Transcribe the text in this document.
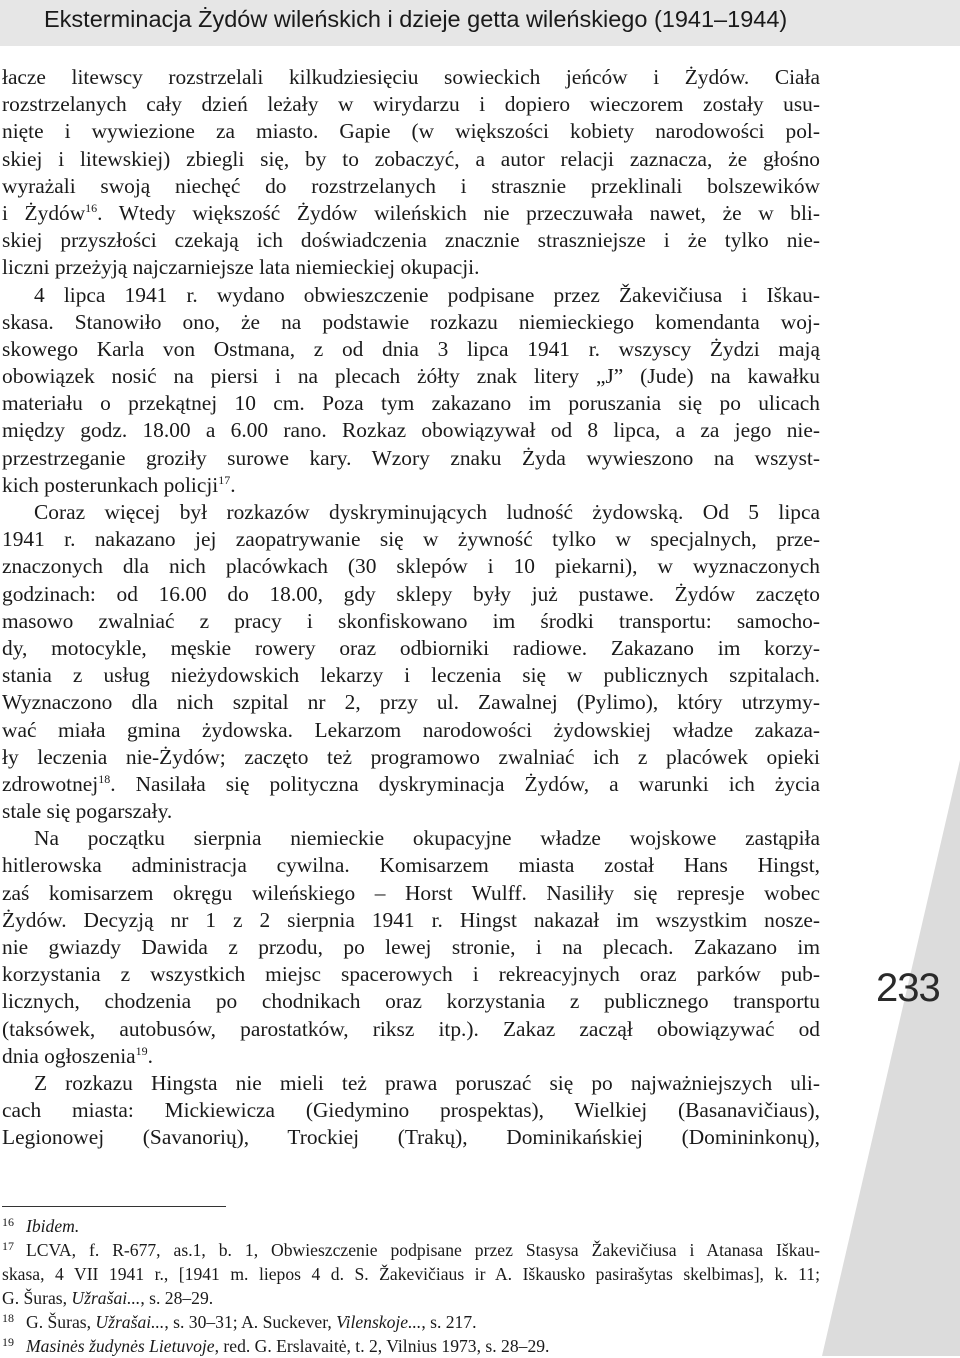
Eksterminacja Żydów wileńskich i dzieje getta wileńskiego (1941–1944)
łacze litewscy rozstrzelali kilkudziesięciu sowieckich jeńców i Żydów. Ciała
rozstrzelanych cały dzień leżały w wirydarzu i dopiero wieczorem zostały usu-
nięte i wywiezione za miasto. Gapie (w większości kobiety narodowości pol-
skiej i litewskiej) zbiegli się, by to zobaczyć, a autor relacji zaznacza, że głośno
wyrażali swoją niechęć do rozstrzelanych i strasznie przeklinali bolszewików
i Żydów$^{16}$. Wtedy większość Żydów wileńskich nie przeczuwała nawet, że w bli-
skiej przyszłości czekają ich doświadczenia znacznie straszniejsze i że tylko nie-
liczni przeżyją najczarniejsze lata niemieckiej okupacji.
4 lipca 1941 r. wydano obwieszczenie podpisane przez Žakevičiusa i Iškau-
skasa. Stanowiło ono, że na podstawie rozkazu niemieckiego komendanta woj-
skowego Karla von Ostmana, z od dnia 3 lipca 1941 r. wszyscy Żydzi mają
obowiązek nosić na piersi i na plecach żółty znak litery „J” (Jude) na kawałku
materiału o przekątnej 10 cm. Poza tym zakazano im poruszania się po ulicach
między godz. 18.00 a 6.00 rano. Rozkaz obowiązywał od 8 lipca, a za jego nie-
przestrzeganie groziły surowe kary. Wzory znaku Żyda wywieszono na wszyst-
kich posterunkach policji$^{17}$.
Coraz więcej był rozkazów dyskryminujących ludność żydowską. Od 5 lipca
1941 r. nakazano jej zaopatrywanie się w żywność tylko w specjalnych, prze-
znaczonych dla nich placówkach (30 sklepów i 10 piekarni), w wyznaczonych
godzinach: od 16.00 do 18.00, gdy sklepy były już pustawe. Żydów zaczęto
masowo zwalniać z pracy i skonfiskowano im środki transportu: samocho-
dy, motocykle, męskie rowery oraz odbiorniki radiowe. Zakazano im korzy-
stania z usług nieżydowskich lekarzy i leczenia się w publicznych szpitalach.
Wyznaczono dla nich szpital nr 2, przy ul. Zawalnej (Pylimo), który utrzymy-
wać miała gmina żydowska. Lekarzom narodowości żydowskiej władze zakaza-
ły leczenia nie-Żydów; zaczęto też programowo zwalniać ich z placówek opieki
zdrowotnej$^{18}$. Nasilała się polityczna dyskryminacja Żydów, a warunki ich życia
stale się pogarszały.
Na początku sierpnia niemieckie okupacyjne władze wojskowe zastąpiła
hitlerowska administracja cywilna. Komisarzem miasta został Hans Hingst,
zaś komisarzem okręgu wileńskiego – Horst Wulff. Nasiliły się represje wobec
Żydów. Decyzją nr 1 z 2 sierpnia 1941 r. Hingst nakazał im wszystkim nosze-
nie gwiazdy Dawida z przodu, po lewej stronie, i na plecach. Zakazano im
korzystania z wszystkich miejsc spacerowych i rekreacyjnych oraz parków pub-
licznych, chodzenia po chodnikach oraz korzystania z publicznego transportu
(taksówek, autobusów, parostatków, riksz itp.). Zakaz zaczął obowiązywać od
dnia ogłoszenia$^{19}$.
Z rozkazu Hingsta nie mieli też prawa poruszać się po najważniejszych uli-
cach miasta: Mickiewicza (Giedymino prospektas), Wielkiej (Basanavičiaus),
Legionowej (Savanorių), Trockiej (Trakų), Dominikańskiej (Domininkonų),
$^{16}$ Ibidem.
$^{17}$ LCVA, f. R-677, as.1, b. 1, Obwieszczenie podpisane przez Stasysa Žakevičiusa i Atanasa Iškau-
skasa, 4 VII 1941 r., [1941 m. liepos 4 d. S. Žakevičiaus ir A. Iškausko pasirašytas skelbimas], k. 11;
G. Šuras, Užrašai..., s. 28–29.
$^{18}$ G. Šuras, Užrašai..., s. 30–31; A. Suckever, Vilenskoje..., s. 217.
$^{19}$ Masinės žudynės Lietuvoje, red. G. Erslavaitė, t. 2, Vilnius 1973, s. 28–29.
233
